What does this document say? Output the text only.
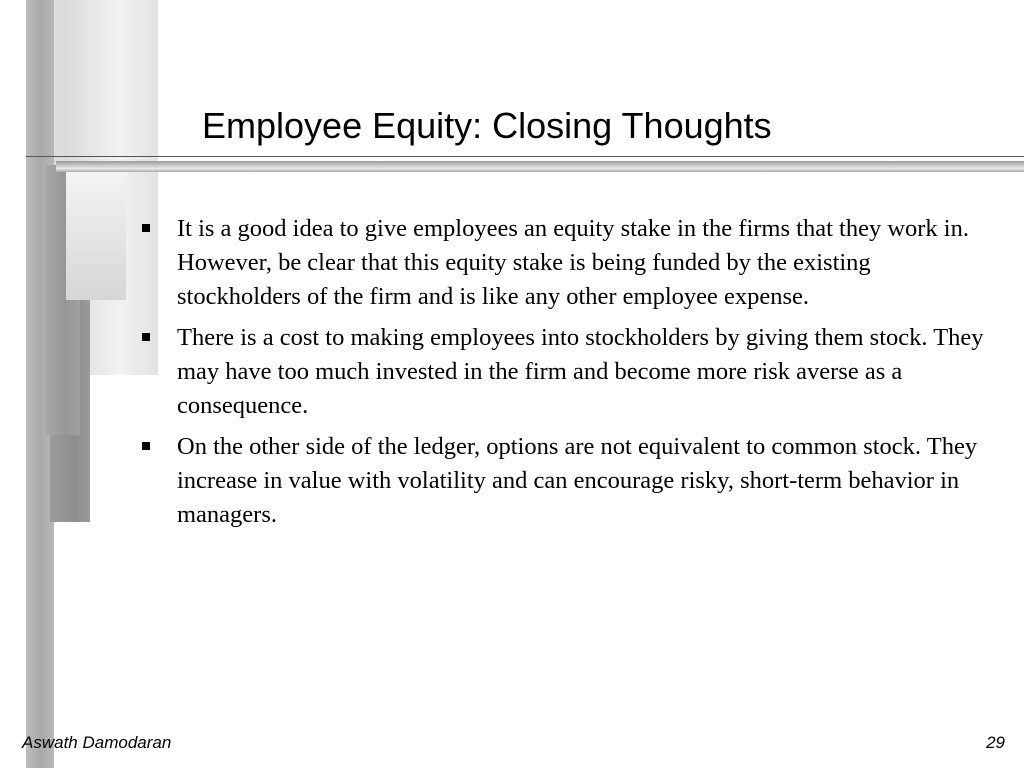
Employee Equity: Closing Thoughts
It is a good idea to give employees an equity stake in the firms that they work in. However, be clear that this equity stake is being funded by the existing stockholders of the firm and is like any other employee expense.
There is a cost to making employees into stockholders by giving them stock. They may have too much invested in the firm and become more risk averse as a consequence.
On the other side of the ledger, options are not equivalent to common stock. They increase in value with volatility and can encourage risky, short-term behavior in managers.
Aswath Damodaran	29
